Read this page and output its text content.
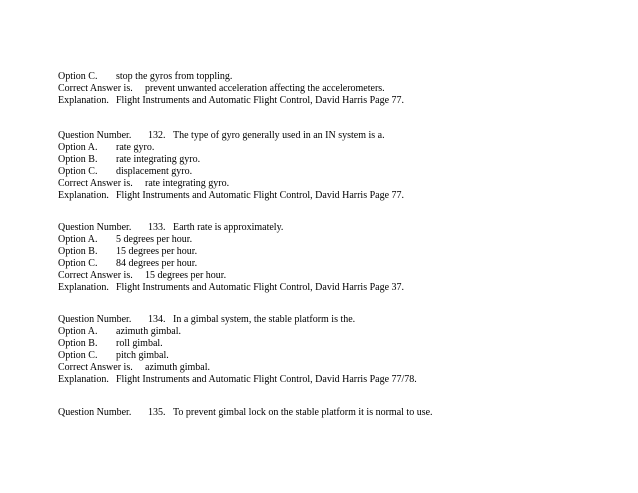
Option C. stop the gyros from toppling.
Correct Answer is. prevent unwanted acceleration affecting the accelerometers.
Explanation. Flight Instruments and Automatic Flight Control, David Harris Page 77.
Question Number. 132. The type of gyro generally used in an IN system is a.
Option A. rate gyro.
Option B. rate integrating gyro.
Option C. displacement gyro.
Correct Answer is. rate integrating gyro.
Explanation. Flight Instruments and Automatic Flight Control, David Harris Page 77.
Question Number. 133. Earth rate is approximately.
Option A. 5 degrees per hour.
Option B. 15 degrees per hour.
Option C. 84 degrees per hour.
Correct Answer is. 15 degrees per hour.
Explanation. Flight Instruments and Automatic Flight Control, David Harris Page 37.
Question Number. 134. In a gimbal system, the stable platform is the.
Option A. azimuth gimbal.
Option B. roll gimbal.
Option C. pitch gimbal.
Correct Answer is. azimuth gimbal.
Explanation. Flight Instruments and Automatic Flight Control, David Harris Page 77/78.
Question Number. 135. To prevent gimbal lock on the stable platform it is normal to use.
